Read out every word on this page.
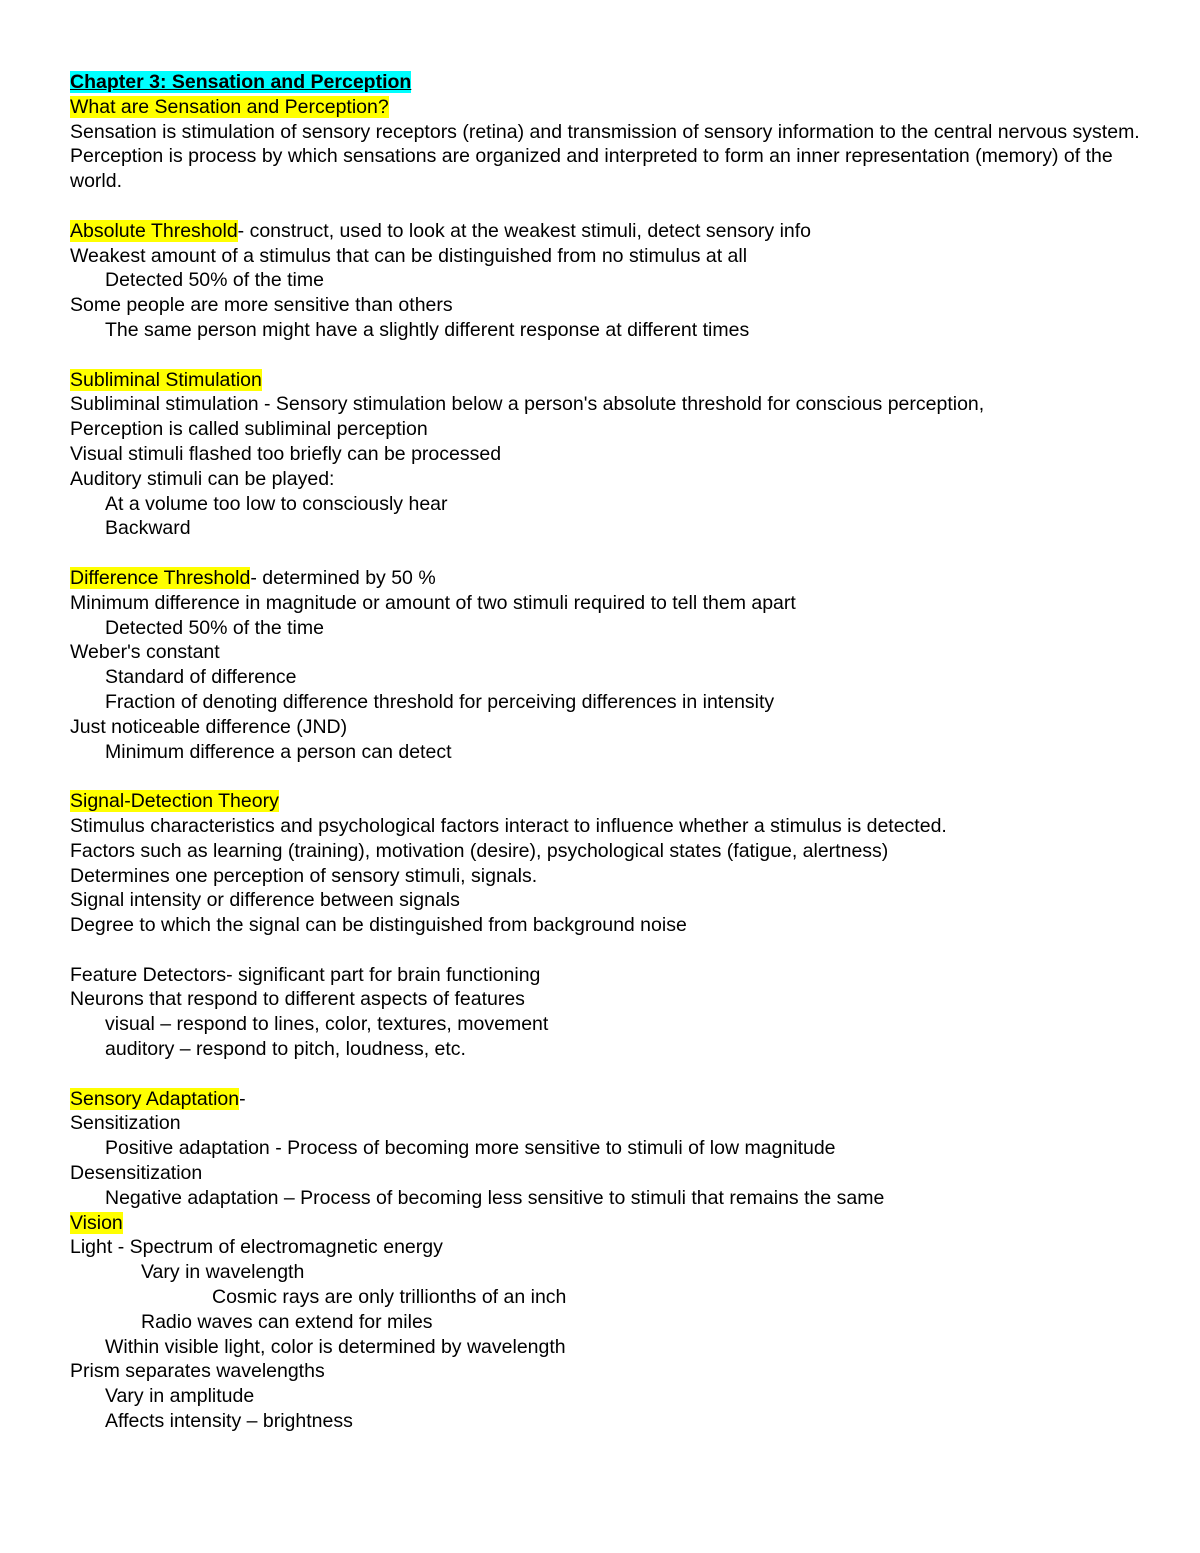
Chapter 3: Sensation and Perception
What are Sensation and Perception?
Sensation is stimulation of sensory receptors (retina) and transmission of sensory information to the central nervous system.
Perception is process by which sensations are organized and interpreted to form an inner representation (memory) of the world.
Absolute Threshold- construct, used to look at the weakest stimuli, detect sensory info
Weakest amount of a stimulus that can be distinguished from no stimulus at all
Detected 50% of the time
Some people are more sensitive than others
The same person might have a slightly different response at different times
Subliminal Stimulation
Subliminal stimulation - Sensory stimulation below a person's absolute threshold for conscious perception,
Perception is called subliminal perception
Visual stimuli flashed too briefly can be processed
Auditory stimuli can be played:
At a volume too low to consciously hear
Backward
Difference Threshold- determined by 50 %
Minimum difference in magnitude or amount of two stimuli required to tell them apart
Detected 50% of the time
Weber's constant
Standard of difference
Fraction of denoting difference threshold for perceiving differences in intensity
Just noticeable difference (JND)
Minimum difference a person can detect
Signal-Detection Theory
Stimulus characteristics and psychological factors interact to influence whether a stimulus is detected.
Factors such as learning (training), motivation (desire), psychological states (fatigue, alertness)
Determines one perception of sensory stimuli, signals.
Signal intensity or difference between signals
Degree to which the signal can be distinguished from background noise
Feature Detectors- significant part for brain functioning
Neurons that respond to different aspects of features
visual – respond to lines, color, textures, movement
auditory – respond to pitch, loudness, etc.
Sensory Adaptation-
Sensitization
Positive adaptation - Process of becoming more sensitive to stimuli of low magnitude
Desensitization
Negative adaptation – Process of becoming less sensitive to stimuli that remains the same
Vision
Light - Spectrum of electromagnetic energy
Vary in wavelength
Cosmic rays are only trillionths of an inch
Radio waves can extend for miles
Within visible light, color is determined by wavelength
Prism separates wavelengths
Vary in amplitude
Affects intensity – brightness
